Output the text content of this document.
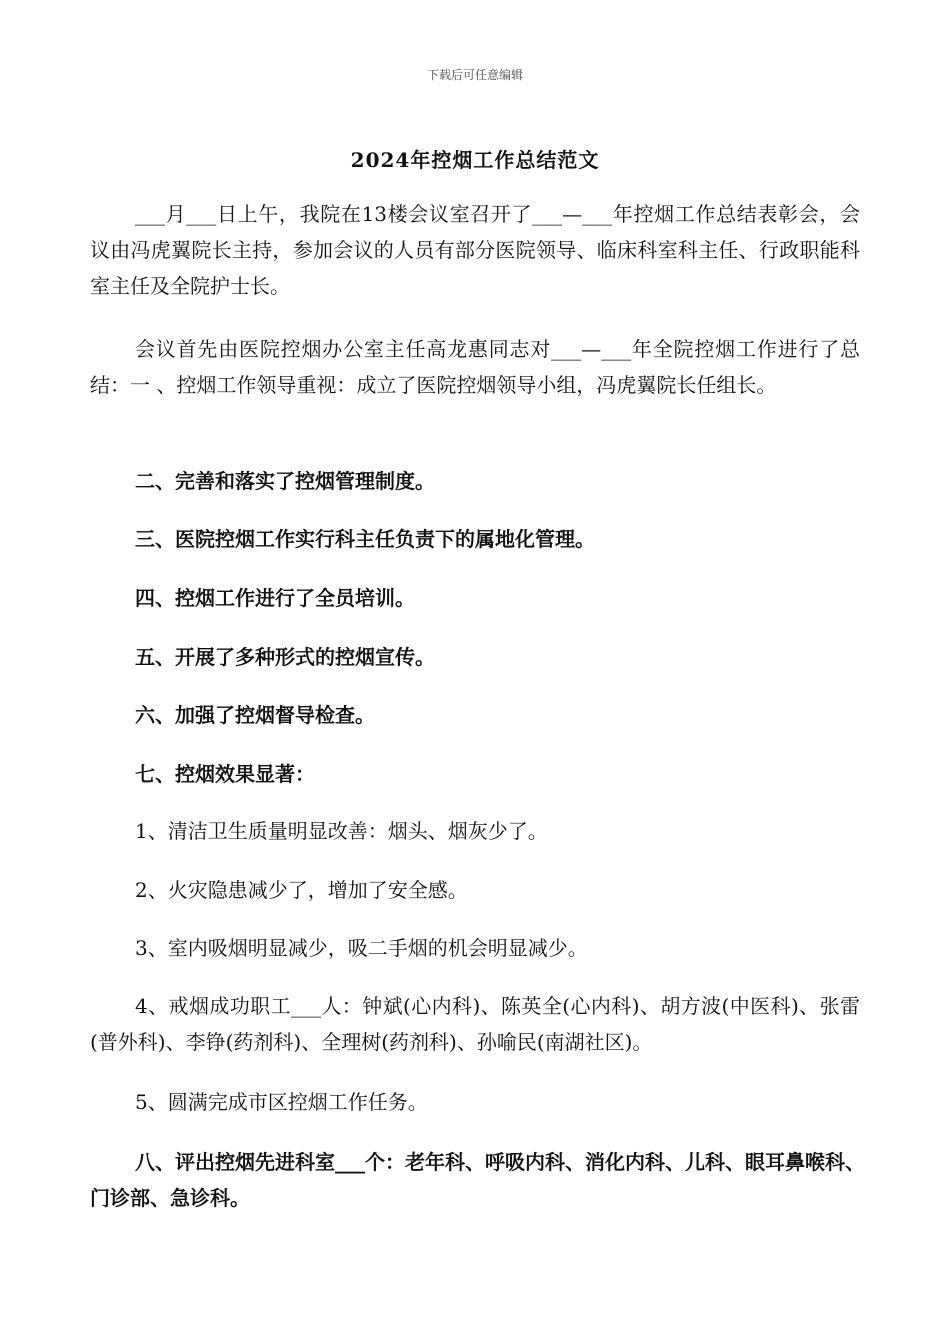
下载后可任意编辑
2024年控烟工作总结范文
___月___日上午，我院在13楼会议室召开了___—___年控烟工作总结表彰会，会议由冯虎翼院长主持，参加会议的人员有部分医院领导、临床科室科主任、行政职能科室主任及全院护士长。
会议首先由医院控烟办公室主任高龙惠同志对___—___年全院控烟工作进行了总结：一 、控烟工作领导重视：成立了医院控烟领导小组，冯虎翼院长任组长。
二、完善和落实了控烟管理制度。
三、医院控烟工作实行科主任负责下的属地化管理。
四、控烟工作进行了全员培训。
五、开展了多种形式的控烟宣传。
六、加强了控烟督导检查。
七、控烟效果显著：
1、清洁卫生质量明显改善：烟头、烟灰少了。
2、火灾隐患减少了，增加了安全感。
3、室内吸烟明显减少，吸二手烟的机会明显减少。
4、戒烟成功职工___人：钟斌(心内科)、陈英全(心内科)、胡方波(中医科)、张雷(普外科)、李铮(药剂科)、全理树(药剂科)、孙喻民(南湖社区)。
5、圆满完成市区控烟工作任务。
八、评出控烟先进科室___个：老年科、呼吸内科、消化内科、儿科、眼耳鼻喉科、门诊部、急诊科。
